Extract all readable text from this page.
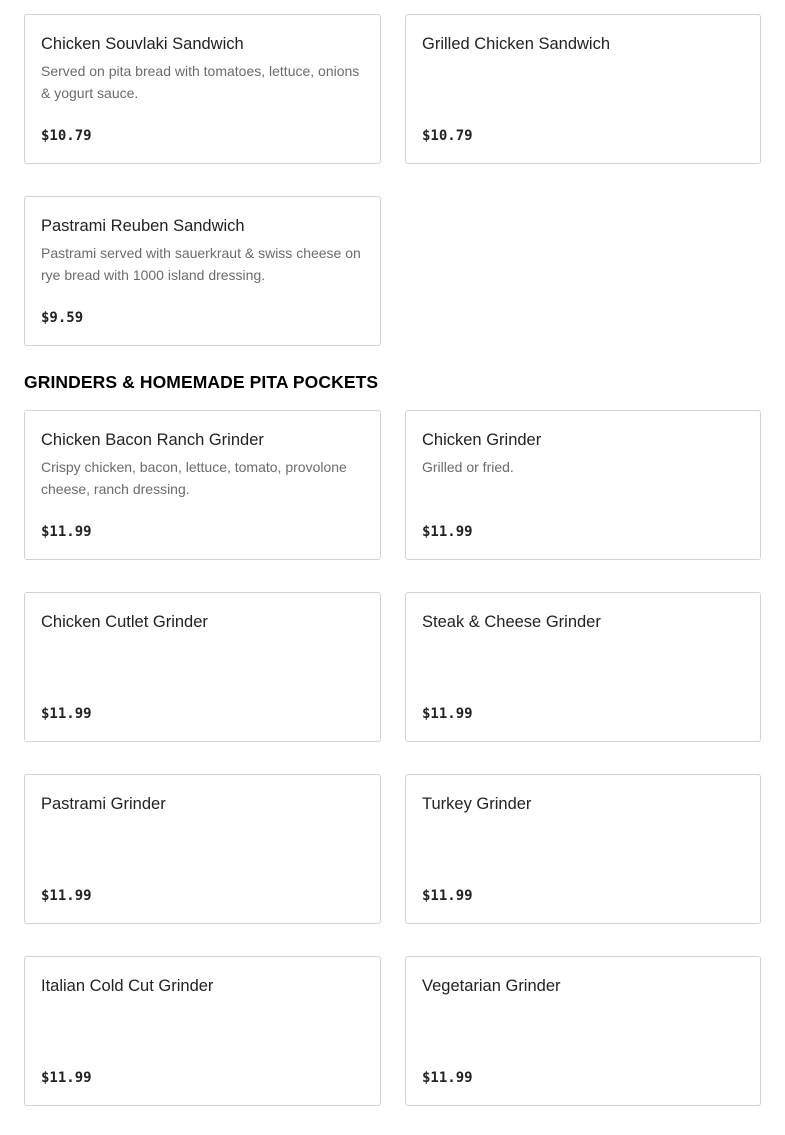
Chicken Souvlaki Sandwich
Served on pita bread with tomatoes, lettuce, onions & yogurt sauce.
$10.79
Grilled Chicken Sandwich
$10.79
Pastrami Reuben Sandwich
Pastrami served with sauerkraut & swiss cheese on rye bread with 1000 island dressing.
$9.59
GRINDERS & HOMEMADE PITA POCKETS
Chicken Bacon Ranch Grinder
Crispy chicken, bacon, lettuce, tomato, provolone cheese, ranch dressing.
$11.99
Chicken Grinder
Grilled or fried.
$11.99
Chicken Cutlet Grinder
$11.99
Steak & Cheese Grinder
$11.99
Pastrami Grinder
$11.99
Turkey Grinder
$11.99
Italian Cold Cut Grinder
$11.99
Vegetarian Grinder
$11.99
